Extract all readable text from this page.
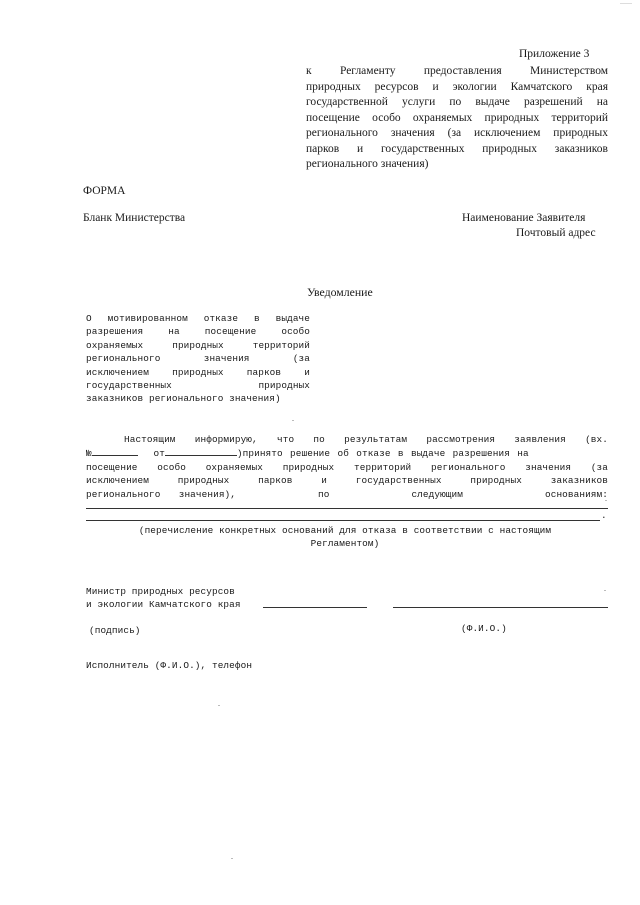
Приложение 3
к Регламенту предоставления Министерством
природных ресурсов и экологии Камчатского края
государственной услуги по выдаче разрешений на
посещение особо охраняемых природных территорий
регионального значения (за исключением природных
парков и государственных природных заказников
регионального значения)
ФОРМА
Бланк Министерства	Наименование Заявителя
Почтовый адрес
Уведомление
О мотивированном отказе в выдаче
разрешения на посещение особо
охраняемых природных территорий
регионального значения (за
исключением природных парков и
государственных природных
заказников регионального значения)
Настоящим информирую, что по результатам рассмотрения заявления (вх.
№	от	)принято решение об отказе в выдаче разрешения на
посещение особо охраняемых природных территорий регионального значения (за
исключением природных парков и государственных природных заказников
регионального значения),	по	следующим	основаниям:
.
(перечисление конкретных оснований для отказа в соответствии с настоящим
Регламентом)
Министр природных ресурсов
и экологии Камчатского края
(подпись)	(Ф.И.О.)
Исполнитель (Ф.И.О.), телефон
